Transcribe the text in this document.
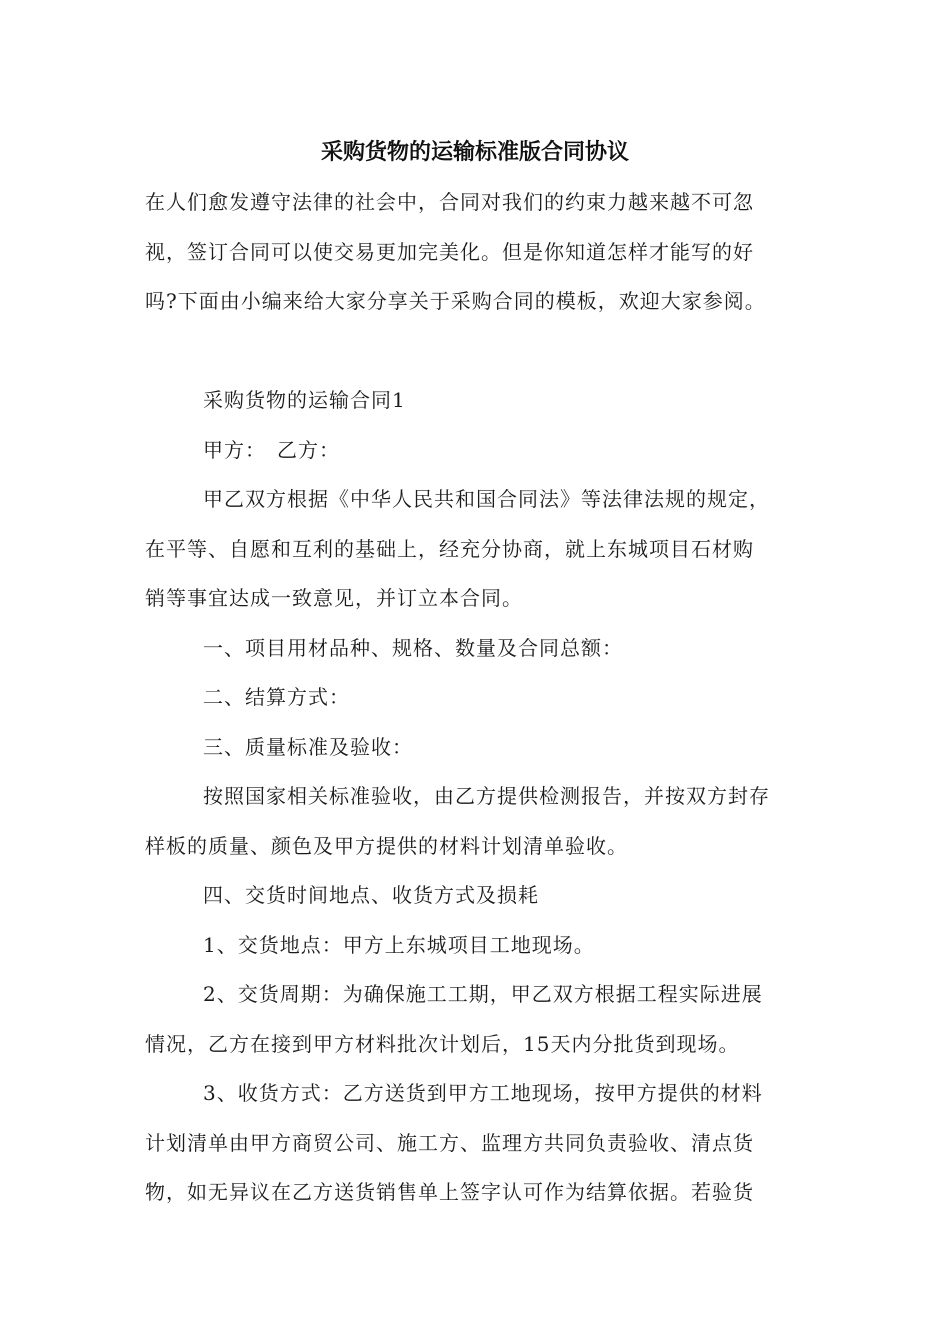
采购货物的运输标准版合同协议
在人们愈发遵守法律的社会中，合同对我们的约束力越来越不可忽
视，签订合同可以使交易更加完美化。但是你知道怎样才能写的好
吗?下面由小编来给大家分享关于采购合同的模板，欢迎大家参阅。
采购货物的运输合同1
甲方：　乙方：
甲乙双方根据《中华人民共和国合同法》等法律法规的规定，
在平等、自愿和互利的基础上，经充分协商，就上东城项目石材购
销等事宜达成一致意见，并订立本合同。
一、项目用材品种、规格、数量及合同总额：
二、结算方式：
三、质量标准及验收：
按照国家相关标准验收，由乙方提供检测报告，并按双方封存
样板的质量、颜色及甲方提供的材料计划清单验收。
四、交货时间地点、收货方式及损耗
1、交货地点：甲方上东城项目工地现场。
2、交货周期：为确保施工工期，甲乙双方根据工程实际进展
情况，乙方在接到甲方材料批次计划后，15天内分批货到现场。
3、收货方式：乙方送货到甲方工地现场，按甲方提供的材料
计划清单由甲方商贸公司、施工方、监理方共同负责验收、清点货
物，如无异议在乙方送货销售单上签字认可作为结算依据。若验货
